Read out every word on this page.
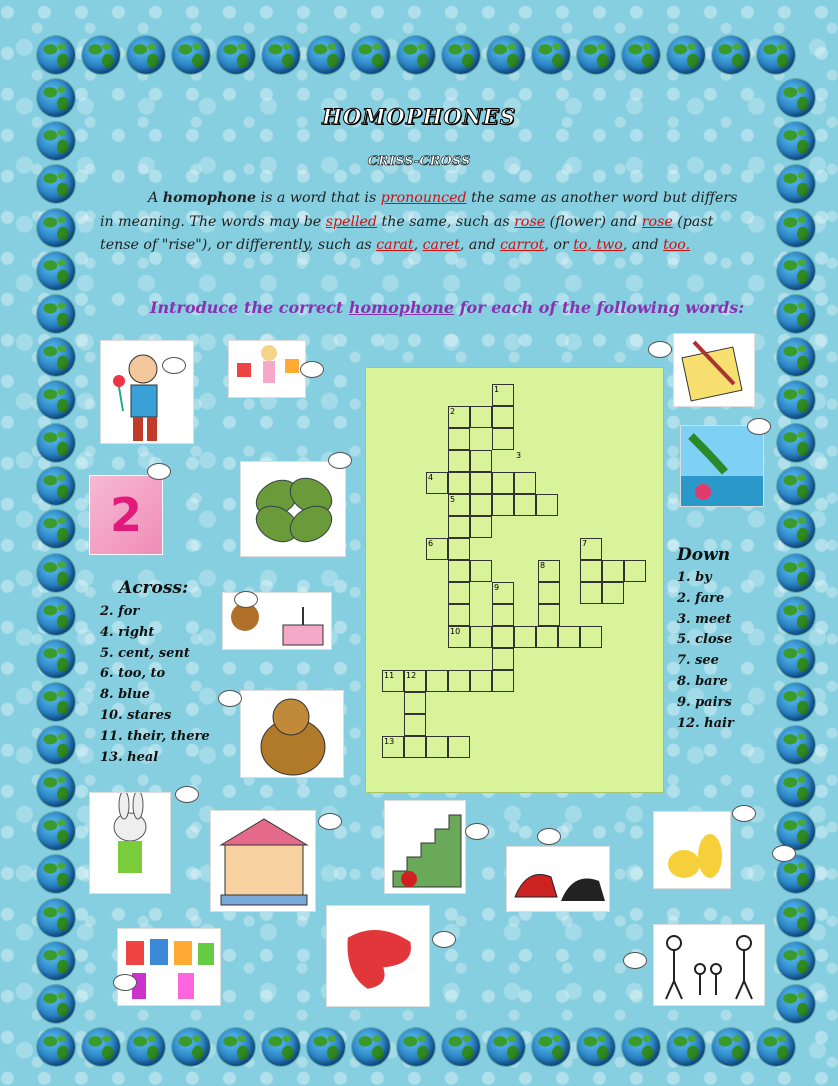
HOMOPHONES
CRISS-CROSS
A homophone is a word that is pronounced the same as another word but differs in meaning. The words may be spelled the same, such as rose (flower) and rose (past tense of "rise"), or differently, such as carat, caret, and carrot, or to, two, and too.
Introduce the correct homophone for each of the following words:
2
1
2
3
4
5
6	7
8
9
10
11 12
13
Across:
Down
2. for
4. right
5. cent, sent
6. too, to
8. blue
10. stares
11. their, there
13. heal
1. by
2. fare
3. meet
5. close
7. see
8. bare
9. pairs
12. hair
